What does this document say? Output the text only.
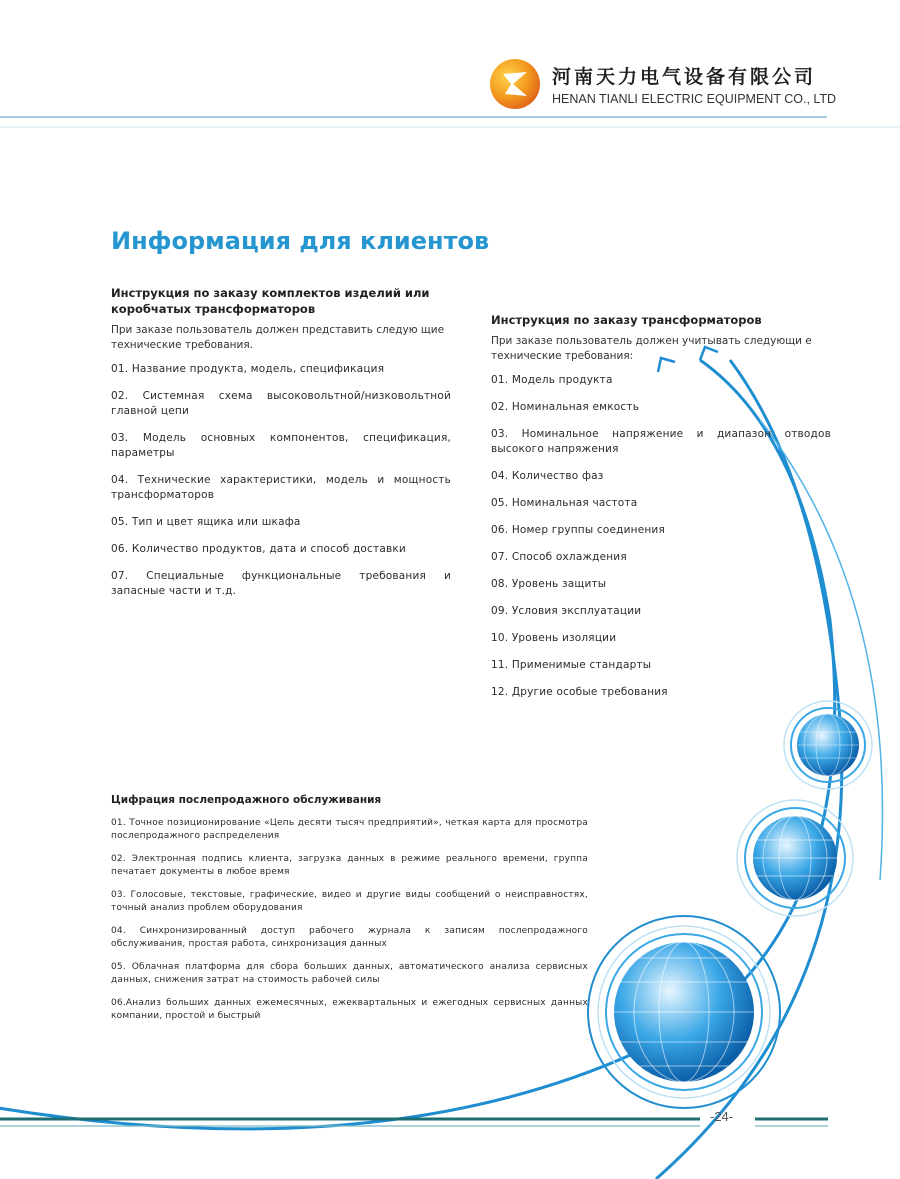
河南天力电气设备有限公司
HENAN TIANLI ELECTRIC EQUIPMENT CO., LTD
Информация для клиентов
Инструкция по заказу комплектов изделий или коробчатых трансформаторов

При заказе пользователь должен представить следую щие технические требования.

01. Название продукта, модель, спецификация
02. Системная схема высоковольтной/низковольтной главной цепи
03. Модель основных компонентов, спецификация, параметры
04. Технические характеристики, модель и мощность трансформаторов
05. Тип и цвет ящика или шкафа
06. Количество продуктов, дата и способ доставки
07. Специальные функциональные требования и запасные части и т.д.
Инструкция по заказу трансформаторов

При заказе пользователь должен учитывать следующи е технические требования:

01. Модель продукта
02. Номинальная емкость
03. Номинальное напряжение и диапазон отводов высокого напряжения
04. Количество фаз
05. Номинальная частота
06. Номер группы соединения
07. Способ охлаждения
08. Уровень защиты
09. Условия эксплуатации
10. Уровень изоляции
11. Применимые стандарты
12. Другие особые требования
Цифрация послепродажного обслуживания
01. Точное позиционирование «Цепь десяти тысяч предприятий», четкая карта для просмотра послепродажного распределения
02. Электронная подпись клиента, загрузка данных в режиме реального времени, группа печатает документы в любое время
03. Голосовые, текстовые, графические, видео и другие виды сообщений о неисправностях, точный анализ проблем оборудования
04. Синхронизированный доступ рабочего журнала к записям послепродажного обслуживания, простая работа, синхронизация данных
05. Облачная платформа для сбора больших данных, автоматического анализа сервисных данных, снижения затрат на стоимость рабочей силы
06.Анализ больших данных ежемесячных, ежеквартальных и ежегодных сервисных данных компании, простой и быстрый
-24-
